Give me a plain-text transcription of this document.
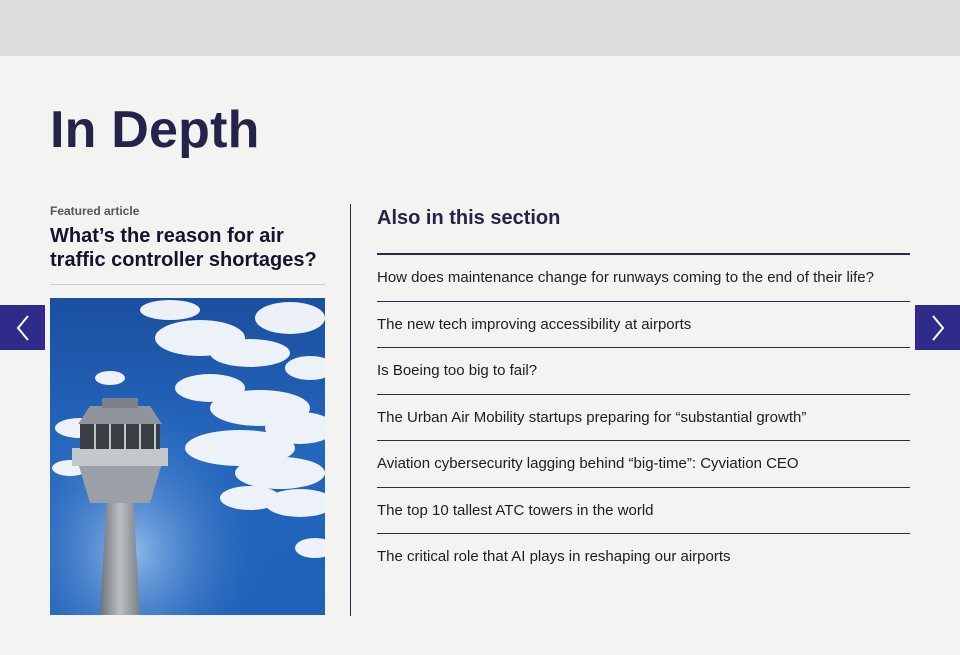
In Depth

Featured article

What’s the reason for air traffic controller shortages?
Also in this section
How does maintenance change for runways coming to the end of their life?
The new tech improving accessibility at airports
Is Boeing too big to fail?
The Urban Air Mobility startups preparing for “substantial growth”
Aviation cybersecurity lagging behind “big-time”: Cyviation CEO
The top 10 tallest ATC towers in the world
The critical role that AI plays in reshaping our airports
